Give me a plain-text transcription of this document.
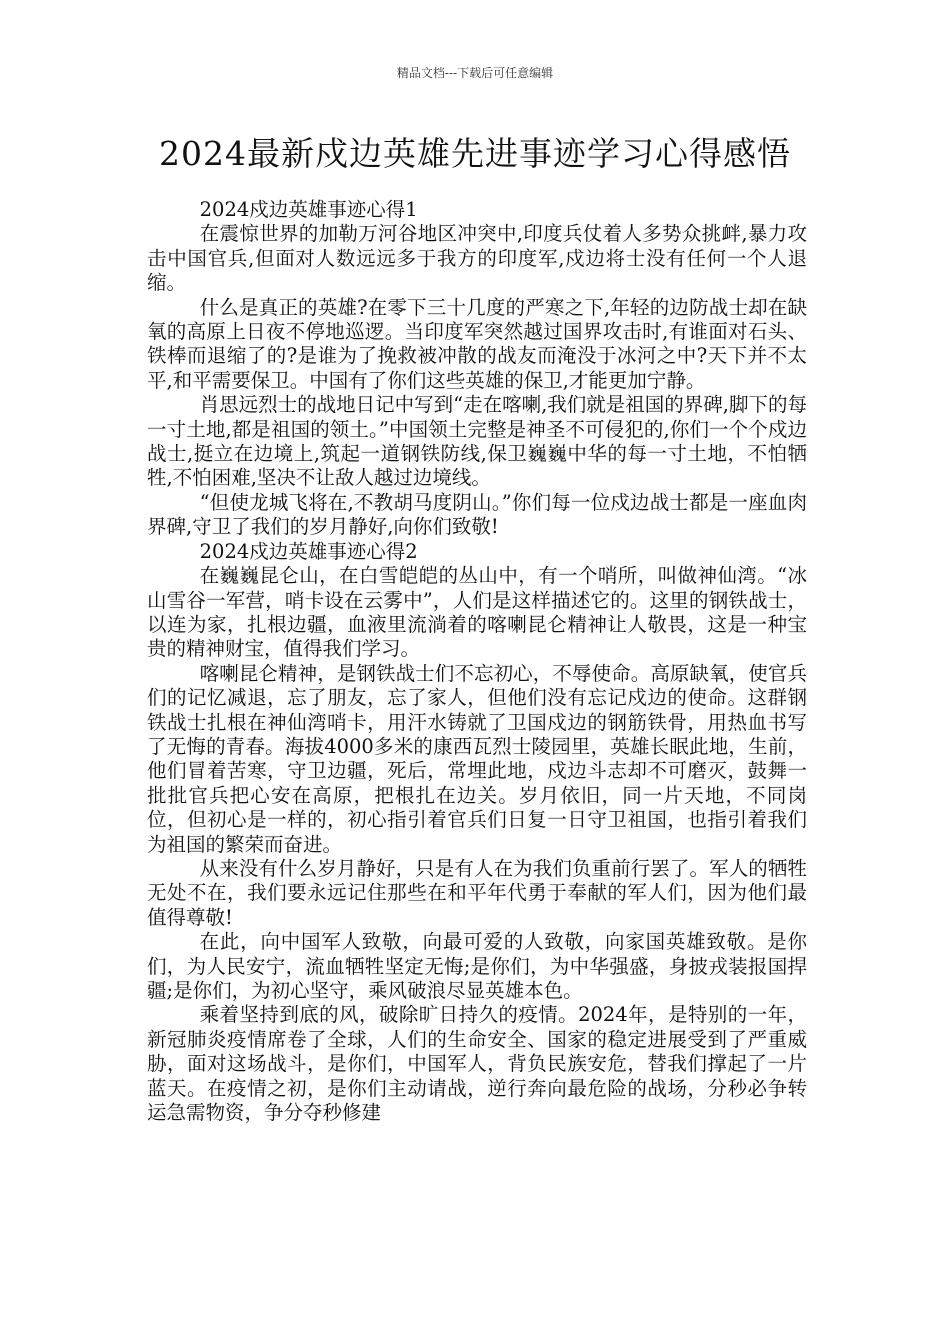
精品文档---下载后可任意编辑
2024最新戍边英雄先进事迹学习心得感悟

2024戍边英雄事迹心得1

在震惊世界的加勒万河谷地区冲突中,印度兵仗着人多势众挑衅,暴力攻击中国官兵,但面对人数远远多于我方的印度军,戍边将士没有任何一个人退缩。

什么是真正的英雄?在零下三十几度的严寒之下,年轻的边防战士却在缺氧的高原上日夜不停地巡逻。当印度军突然越过国界攻击时,有谁面对石头、铁棒而退缩了的?是谁为了挽救被冲散的战友而淹没于冰河之中?天下并不太平,和平需要保卫。中国有了你们这些英雄的保卫,才能更加宁静。

肖思远烈士的战地日记中写到“走在喀喇,我们就是祖国的界碑,脚下的每一寸土地,都是祖国的领土。”中国领土完整是神圣不可侵犯的,你们一个个戍边战士,挺立在边境上,筑起一道钢铁防线,保卫巍巍中华的每一寸土地，不怕牺牲,不怕困难,坚决不让敌人越过边境线。

“但使龙城飞将在,不教胡马度阴山。”你们每一位戍边战士都是一座血肉界碑,守卫了我们的岁月静好,向你们致敬!

2024戍边英雄事迹心得2

在巍巍昆仑山，在白雪皑皑的丛山中，有一个哨所，叫做神仙湾。“冰山雪谷一军营，哨卡设在云雾中”，人们是这样描述它的。这里的钢铁战士，以连为家，扎根边疆，血液里流淌着的喀喇昆仑精神让人敬畏，这是一种宝贵的精神财宝，值得我们学习。

喀喇昆仑精神，是钢铁战士们不忘初心，不辱使命。高原缺氧，使官兵们的记忆减退，忘了朋友，忘了家人，但他们没有忘记戍边的使命。这群钢铁战士扎根在神仙湾哨卡，用汗水铸就了卫国戍边的钢筋铁骨，用热血书写了无悔的青春。海拔4000多米的康西瓦烈士陵园里，英雄长眠此地，生前，他们冒着苦寒，守卫边疆，死后，常埋此地，戍边斗志却不可磨灭，鼓舞一批批官兵把心安在高原，把根扎在边关。岁月依旧，同一片天地，不同岗位，但初心是一样的，初心指引着官兵们日复一日守卫祖国，也指引着我们为祖国的繁荣而奋进。

从来没有什么岁月静好，只是有人在为我们负重前行罢了。军人的牺牲无处不在，我们要永远记住那些在和平年代勇于奉献的军人们，因为他们最值得尊敬!

在此，向中国军人致敬，向最可爱的人致敬，向家国英雄致敬。是你们，为人民安宁，流血牺牲坚定无悔;是你们，为中华强盛，身披戎装报国捍疆;是你们，为初心坚守，乘风破浪尽显英雄本色。

乘着坚持到底的风，破除旷日持久的疫情。2024年，是特别的一年，新冠肺炎疫情席卷了全球，人们的生命安全、国家的稳定进展受到了严重威胁，面对这场战斗，是你们，中国军人，背负民族安危，替我们撑起了一片蓝天。在疫情之初，是你们主动请战，逆行奔向最危险的战场，分秒必争转运急需物资，争分夺秒修建
